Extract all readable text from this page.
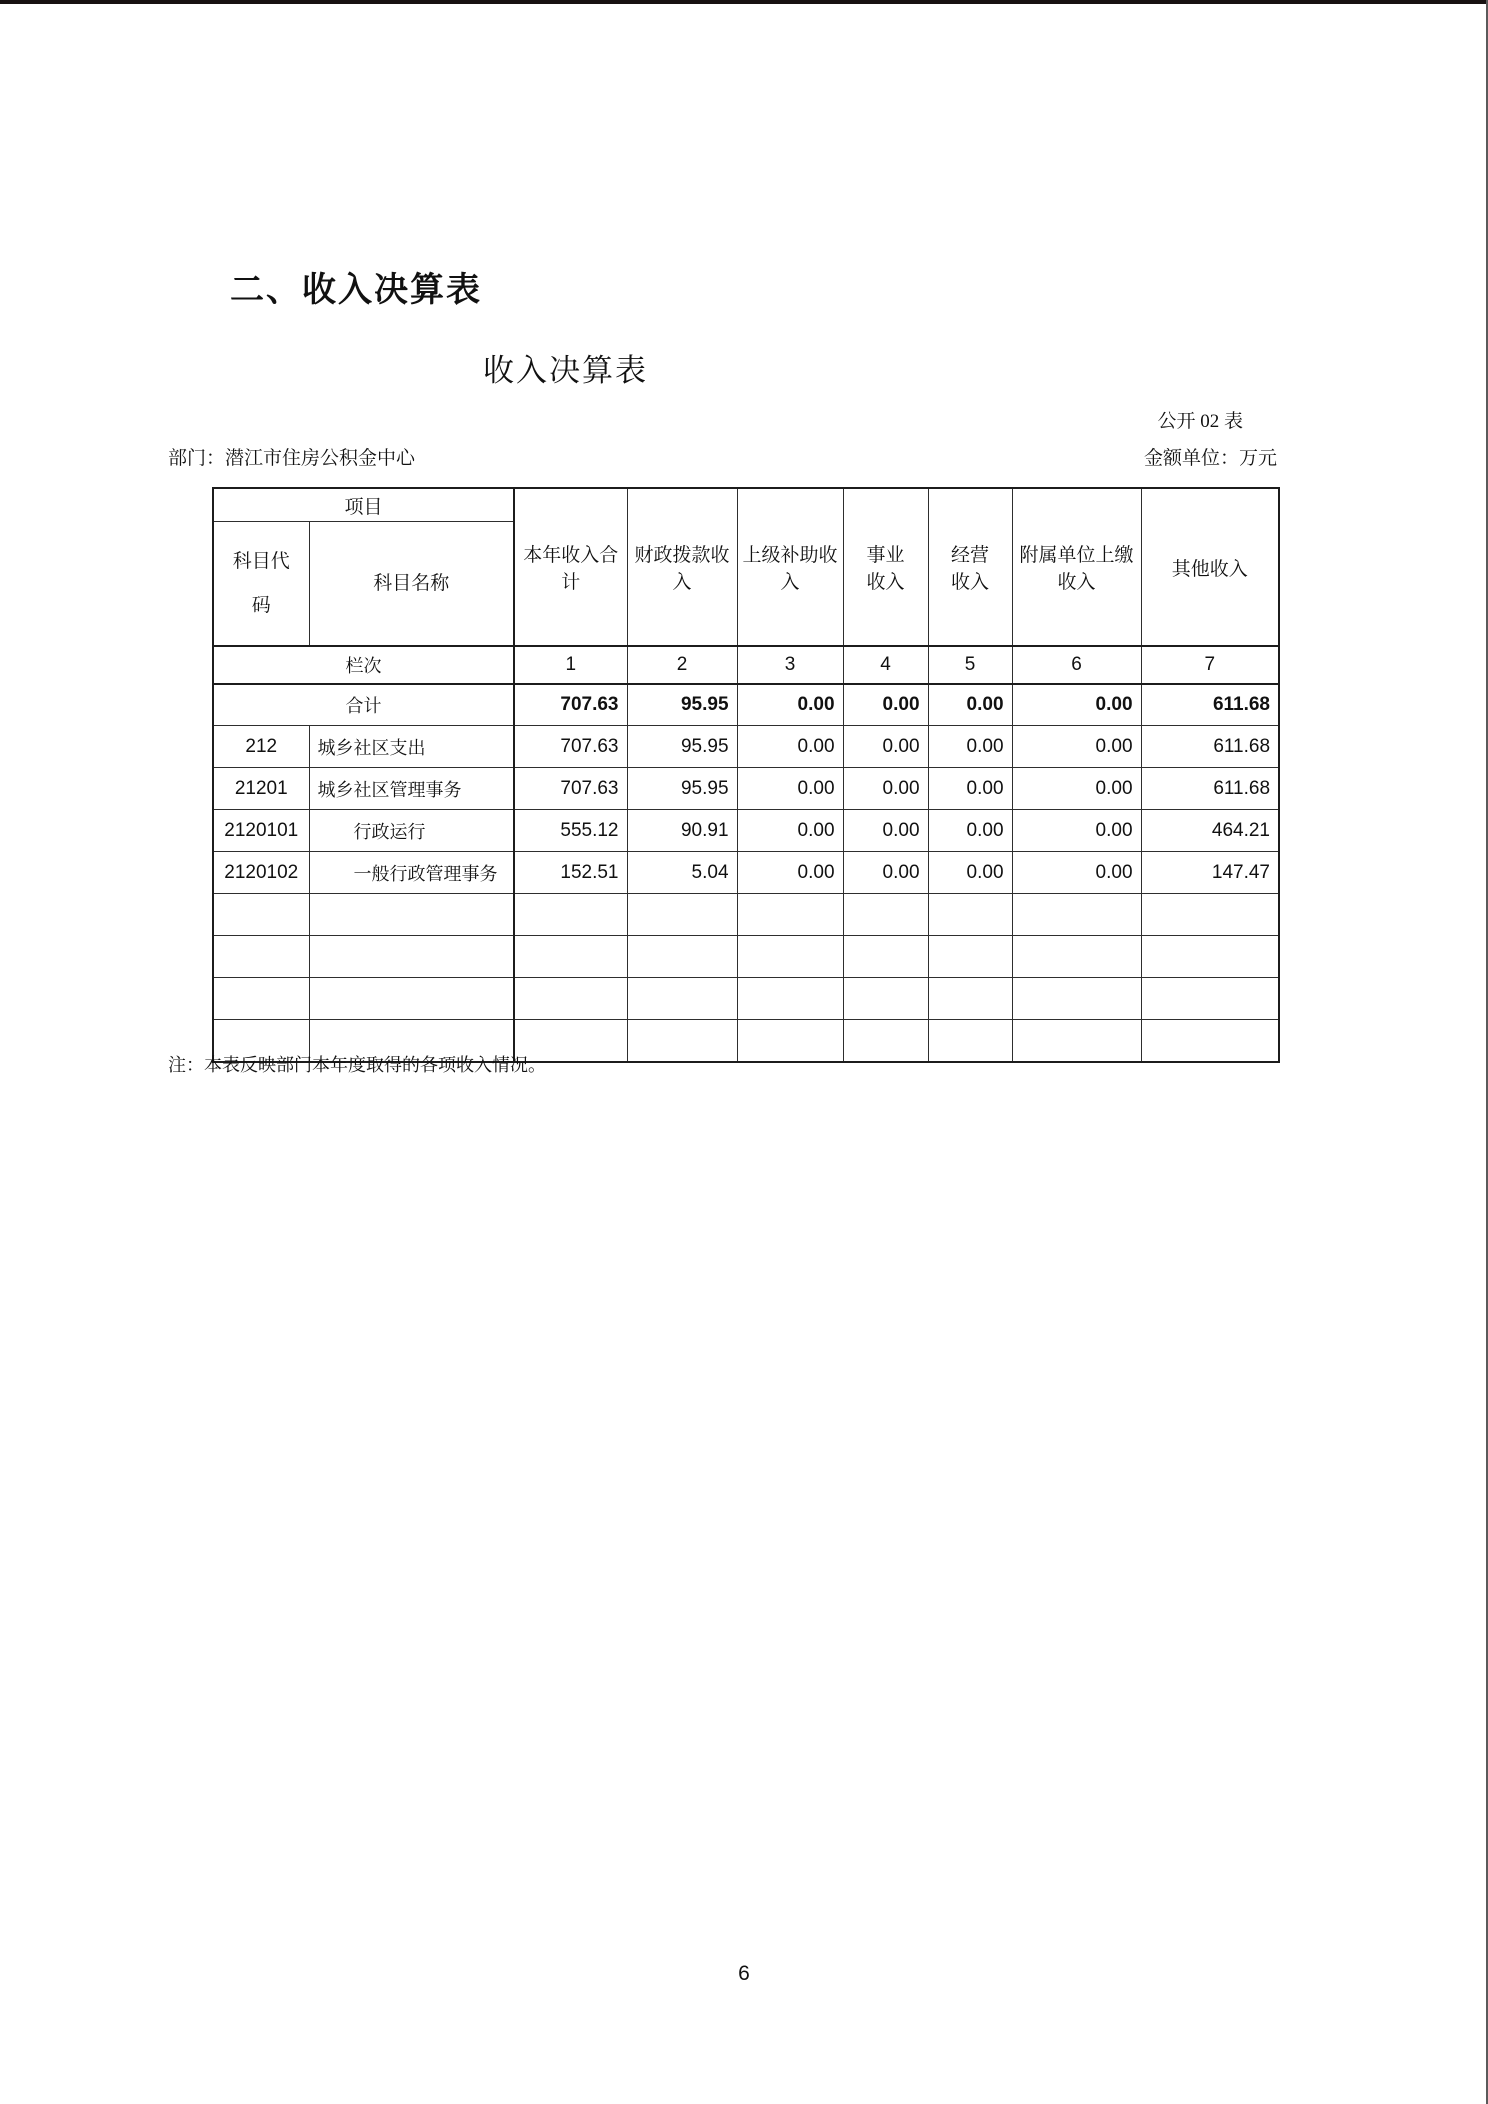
二、收入决算表
收入决算表
公开 02 表
部门：潜江市住房公积金中心	金额单位：万元
项目		本年收入合计	财政拨款收入	上级补助收入	事业收入	经营收入	附属单位上缴收入	其他收入
科目代码	科目名称							
栏次		1	2	3	4	5	6	7
合计		707.63	95.95	0.00	0.00	0.00	0.00	611.68
212	城乡社区支出	707.63	95.95	0.00	0.00	0.00	0.00	611.68
21201	城乡社区管理事务	707.63	95.95	0.00	0.00	0.00	0.00	611.68
2120101	行政运行	555.12	90.91	0.00	0.00	0.00	0.00	464.21
2120102	一般行政管理事务	152.51	5.04	0.00	0.00	0.00	0.00	147.47

注：本表反映部门本年度取得的各项收入情况。
6
